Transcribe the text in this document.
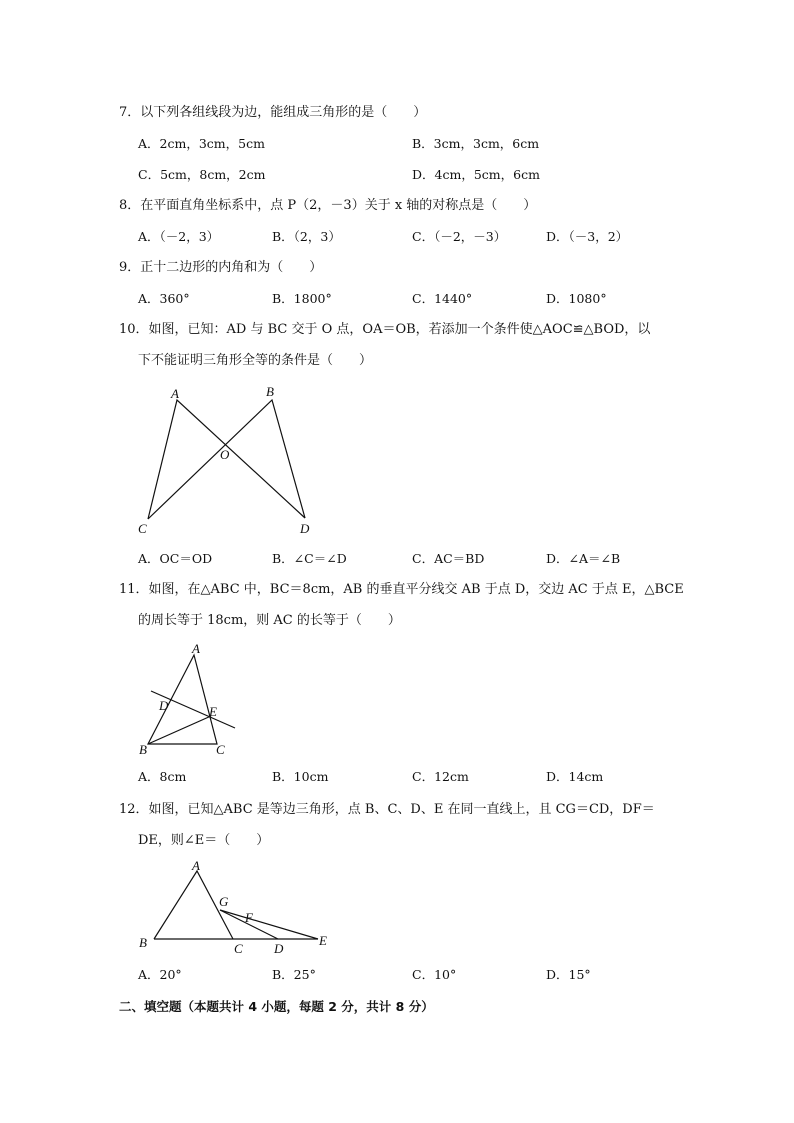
7．以下列各组线段为边，能组成三角形的是（　　）
A．2cm，3cm，5cm	B．3cm，3cm，6cm
C．5cm，8cm，2cm	D．4cm，5cm，6cm
8．在平面直角坐标系中，点 P（2，－3）关于 x 轴的对称点是（　　）
A．（－2，3）	B．（2，3）	C．（－2，－3）	D．（－3，2）
9．正十二边形的内角和为（　　）
A．360°	B．1800°	C．1440°	D．1080°
10．如图，已知：AD 与 BC 交于 O 点，OA＝OB，若添加一个条件使△AOC≌△BOD，以
下不能证明三角形全等的条件是（　　）
A	B
O
C	D
A．OC＝OD	B．∠C＝∠D	C．AC＝BD	D．∠A＝∠B
11．如图，在△ABC 中，BC＝8cm，AB 的垂直平分线交 AB 于点 D，交边 AC 于点 E，△BCE
的周长等于 18cm，则 AC 的长等于（　　）
A
D	E
B	C
A．8cm	B．10cm	C．12cm	D．14cm
12．如图，已知△ABC 是等边三角形，点 B、C、D、E 在同一直线上，且 CG＝CD，DF＝
DE，则∠E＝（　　）
A
G
F
B	C D
E
A．20°	B．25°	C．10°	D．15°
二、填空题（本题共计 4 小题，每题 2 分，共计 8 分）
